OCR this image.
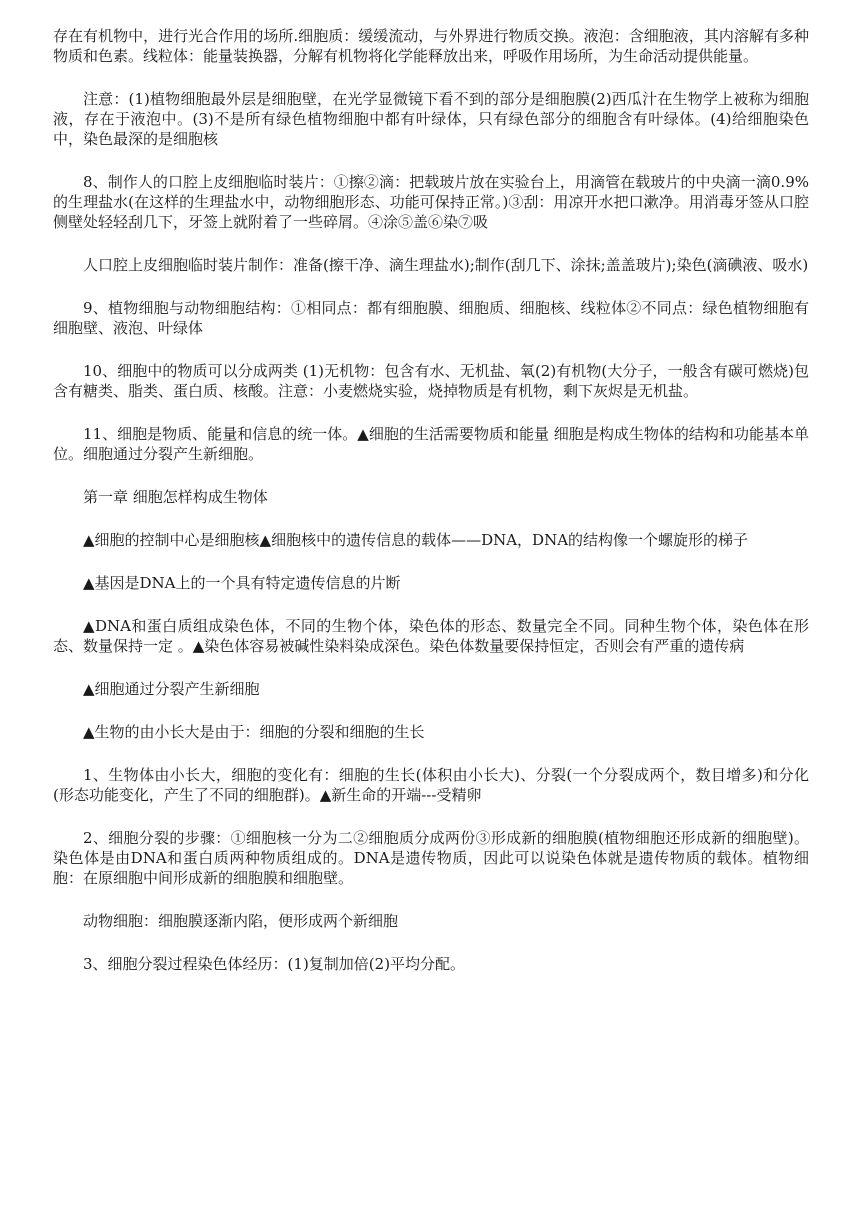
存在有机物中，进行光合作用的场所.细胞质：缓缓流动，与外界进行物质交换。液泡：含细胞液，其内溶解有多种物质和色素。线粒体：能量装换器，分解有机物将化学能释放出来，呼吸作用场所，为生命活动提供能量。

注意：(1)植物细胞最外层是细胞壁，在光学显微镜下看不到的部分是细胞膜(2)西瓜汁在生物学上被称为细胞液，存在于液泡中。(3)不是所有绿色植物细胞中都有叶绿体，只有绿色部分的细胞含有叶绿体。(4)给细胞染色中，染色最深的是细胞核

8、制作人的口腔上皮细胞临时装片：①擦②滴：把载玻片放在实验台上，用滴管在载玻片的中央滴一滴0.9%的生理盐水(在这样的生理盐水中，动物细胞形态、功能可保持正常。)③刮：用凉开水把口漱净。用消毒牙签从口腔侧壁处轻轻刮几下，牙签上就附着了一些碎屑。④涂⑤盖⑥染⑦吸

人口腔上皮细胞临时装片制作：准备(擦干净、滴生理盐水);制作(刮几下、涂抹;盖盖玻片);染色(滴碘液、吸水)

9、植物细胞与动物细胞结构：①相同点：都有细胞膜、细胞质、细胞核、线粒体②不同点：绿色植物细胞有细胞壁、液泡、叶绿体

10、细胞中的物质可以分成两类 (1)无机物：包含有水、无机盐、氧(2)有机物(大分子，一般含有碳可燃烧)包含有糖类、脂类、蛋白质、核酸。注意：小麦燃烧实验，烧掉物质是有机物，剩下灰烬是无机盐。

11、细胞是物质、能量和信息的统一体。▲细胞的生活需要物质和能量 细胞是构成生物体的结构和功能基本单位。细胞通过分裂产生新细胞。

第一章 细胞怎样构成生物体

▲细胞的控制中心是细胞核▲细胞核中的遗传信息的载体——DNA，DNA的结构像一个螺旋形的梯子

▲基因是DNA上的一个具有特定遗传信息的片断

▲DNA和蛋白质组成染色体，不同的生物个体，染色体的形态、数量完全不同。同种生物个体，染色体在形态、数量保持一定 。▲染色体容易被碱性染料染成深色。染色体数量要保持恒定，否则会有严重的遗传病

▲细胞通过分裂产生新细胞

▲生物的由小长大是由于：细胞的分裂和细胞的生长

1、生物体由小长大，细胞的变化有：细胞的生长(体积由小长大)、分裂(一个分裂成两个，数目增多)和分化(形态功能变化，产生了不同的细胞群)。▲新生命的开端---受精卵

2、细胞分裂的步骤：①细胞核一分为二②细胞质分成两份③形成新的细胞膜(植物细胞还形成新的细胞壁)。染色体是由DNA和蛋白质两种物质组成的。DNA是遗传物质，因此可以说染色体就是遗传物质的载体。植物细胞：在原细胞中间形成新的细胞膜和细胞壁。

动物细胞：细胞膜逐渐内陷，便形成两个新细胞

3、细胞分裂过程染色体经历：(1)复制加倍(2)平均分配。
